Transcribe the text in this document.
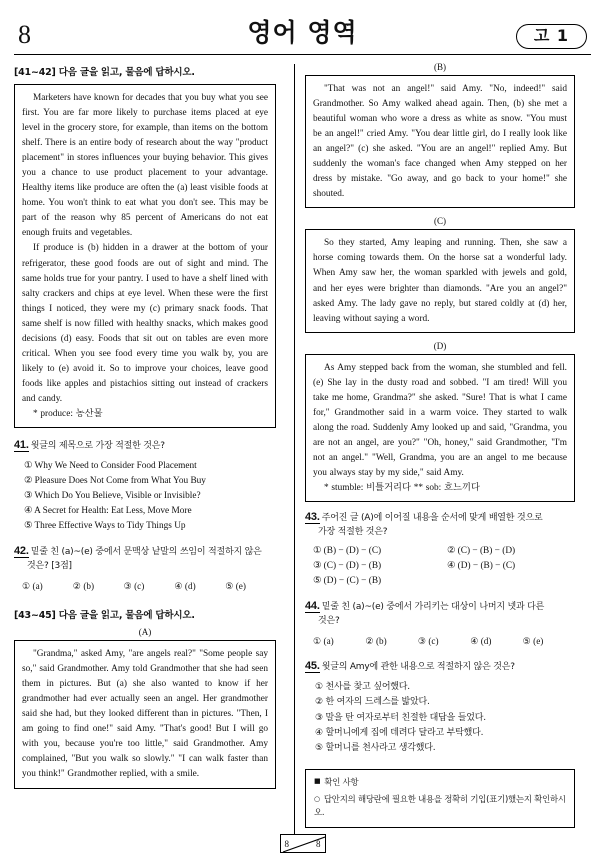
8	영어 영역	고 1
[41~42] 다음 글을 읽고, 물음에 답하시오.

Marketers have known for decades that you buy what you see first. You are far more likely to purchase items placed at eye level in the grocery store, for example, than items on the bottom shelf. There is an entire body of research about the way "product placement" in stores influences your buying behavior. This gives you a chance to use product placement to your advantage. Healthy items like produce are often the (a) least visible foods at home. You won't think to eat what you don't see. This may be part of the reason why 85 percent of Americans do not eat enough fruits and vegetables.

If produce is (b) hidden in a drawer at the bottom of your refrigerator, these good foods are out of sight and mind. The same holds true for your pantry. I used to have a shelf lined with salty crackers and chips at eye level. When these were the first things I noticed, they were my (c) primary snack foods. That same shelf is now filled with healthy snacks, which makes good decisions (d) easy. Foods that sit out on tables are even more critical. When you see food every time you walk by, you are likely to (e) avoid it. So to improve your choices, leave good foods like apples and pistachios sitting out instead of crackers and candy.

* produce: 농산물

41. 윗글의 제목으로 가장 적절한 것은?
① Why We Need to Consider Food Placement
② Pleasure Does Not Come from What You Buy
③ Which Do You Believe, Visible or Invisible?
④ A Secret for Health: Eat Less, Move More
⑤ Three Effective Ways to Tidy Things Up
42. 밑줄 친 (a)~(e) 중에서 문맥상 낱말의 쓰임이 적절하지 않은
것은? [3점]
① (a)	② (b)	③ (c)	④ (d)	⑤ (e)
[43~45] 다음 글을 읽고, 물음에 답하시오.
(A)

"Grandma," asked Amy, "are angels real?" "Some people say so," said Grandmother. Amy told Grandmother that she had seen them in pictures. But (a) she also wanted to know if her grandmother had ever actually seen an angel. Her grandmother said she had, but they looked different than in pictures. "Then, I am going to find one!" said Amy. "That's good! But I will go with you, because you're too little," said Grandmother. Amy complained, "But you walk so slowly." "I can walk faster than you think!" Grandmother replied, with a smile.

(B)

"That was not an angel!" said Amy. "No, indeed!" said Grandmother. So Amy walked ahead again. Then, (b) she met a beautiful woman who wore a dress as white as snow. "You must be an angel!" cried Amy. "You dear little girl, do I really look like an angel?" (c) she asked. "You are an angel!" replied Amy. But suddenly the woman's face changed when Amy stepped on her dress by mistake. "Go away, and go back to your home!" she shouted.

(C)

So they started, Amy leaping and running. Then, she saw a horse coming towards them. On the horse sat a wonderful lady. When Amy saw her, the woman sparkled with jewels and gold, and her eyes were brighter than diamonds. "Are you an angel?" asked Amy. The lady gave no reply, but stared coldly at (d) her, leaving without saying a word.

(D)

As Amy stepped back from the woman, she stumbled and fell. (e) She lay in the dusty road and sobbed. "I am tired! Will you take me home, Grandma?" she asked. "Sure! That is what I came for," Grandmother said in a warm voice. They started to walk along the road. Suddenly Amy looked up and said, "Grandma, you are not an angel, are you?" "Oh, honey," said Grandmother, "I'm not an angel." "Well, Grandma, you are an angel to me because you always stay by my side," said Amy.

* stumble: 비틀거리다 ** sob: 흐느끼다

43. 주어진 글 (A)에 이어질 내용을 순서에 맞게 배열한 것으로
가장 적절한 것은?
① (B) − (D) − (C)	② (C) − (B) − (D)
③ (C) − (D) − (B)	④ (D) − (B) − (C)
⑤ (D) − (C) − (B)
44. 밑줄 친 (a)~(e) 중에서 가리키는 대상이 나머지 넷과 다른
것은?
① (a)	② (b)	③ (c)	④ (d)	⑤ (e)
45. 윗글의 Amy에 관한 내용으로 적절하지 않은 것은?
① 천사를 찾고 싶어했다.
② 한 여자의 드레스를 밟았다.
③ 말을 탄 여자로부터 친절한 대답을 들었다.
④ 할머니에게 집에 데려다 달라고 부탁했다.
⑤ 할머니를 천사라고 생각했다.
■ 확인 사항
○ 답안지의 해당란에 필요한 내용을 정확히 기입(표기)했는지 확인하시오.
8	8
